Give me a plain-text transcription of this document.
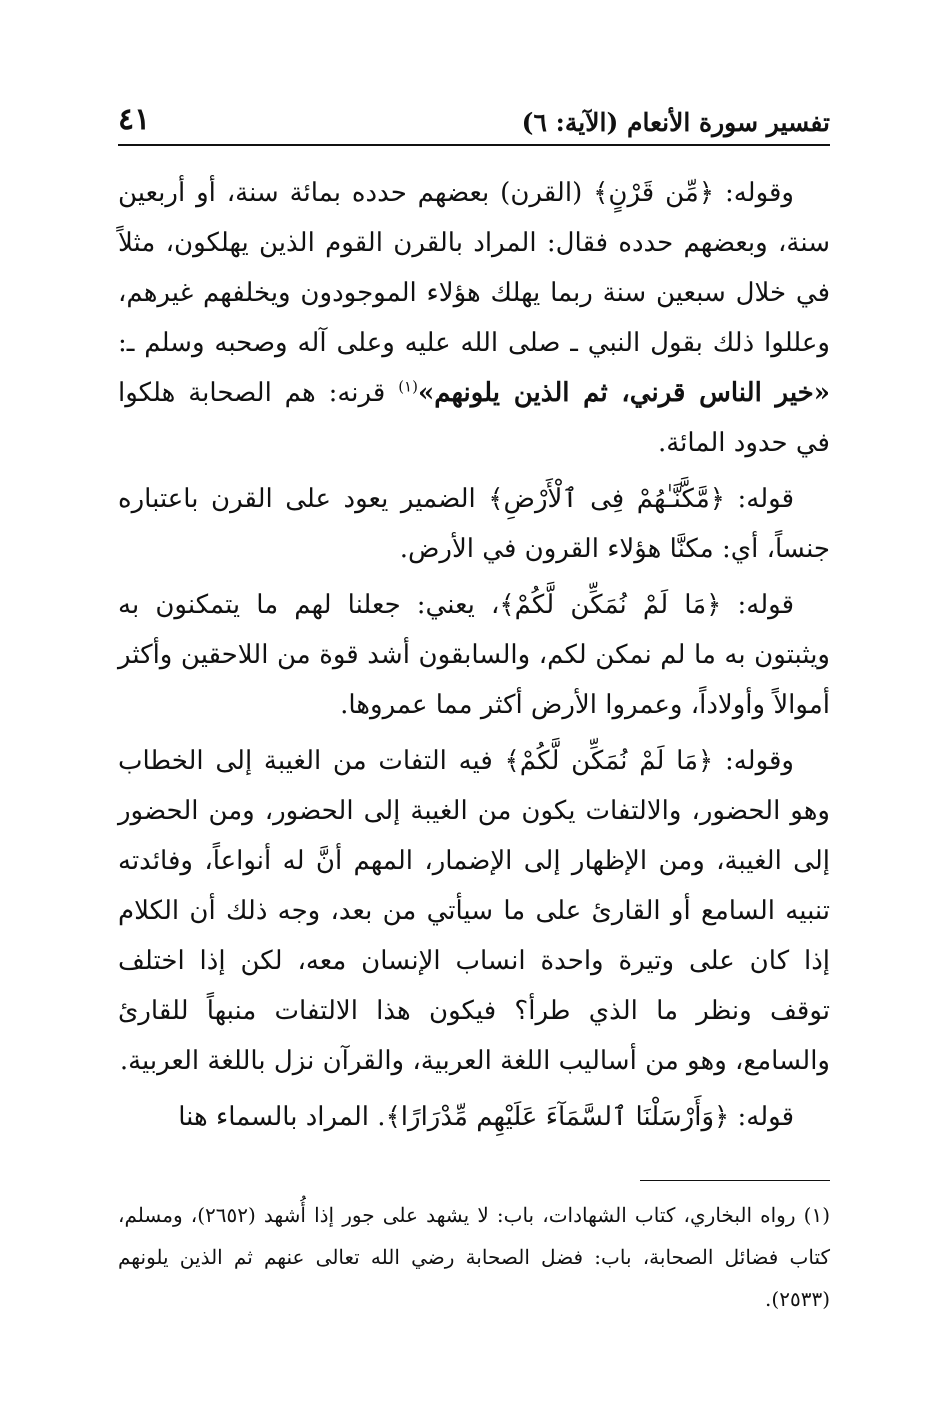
تفسير سورة الأنعام (الآية: ٦)
٤١

وقوله: ﴿مِّن قَرْنٍ﴾ (القرن) بعضهم حدده بمائة سنة، أو أربعين سنة، وبعضهم حدده فقال: المراد بالقرن القوم الذين يهلكون، مثلاً في خلال سبعين سنة ربما يهلك هؤلاء الموجودون ويخلفهم غيرهم، وعللوا ذلك بقول النبي ـ صلى الله عليه وعلى آله وصحبه وسلم ـ: «خير الناس قرني، ثم الذين يلونهم»$^{(١)}$ قرنه: هم الصحابة هلكوا في حدود المائة.

قوله: ﴿مَّكَّنَّـٰهُمْ فِى ٱلْأَرْضِ﴾ الضمير يعود على القرن باعتباره جنساً، أي: مكنَّا هؤلاء القرون في الأرض.

قوله: ﴿مَا لَمْ نُمَكِّن لَّكُمْ﴾، يعني: جعلنا لهم ما يتمكنون به ويثبتون به ما لم نمكن لكم، والسابقون أشد قوة من اللاحقين وأكثر أموالاً وأولاداً، وعمروا الأرض أكثر مما عمروها.

وقوله: ﴿مَا لَمْ نُمَكِّن لَّكُمْ﴾ فيه التفات من الغيبة إلى الخطاب وهو الحضور، والالتفات يكون من الغيبة إلى الحضور، ومن الحضور إلى الغيبة، ومن الإظهار إلى الإضمار، المهم أنَّ له أنواعاً، وفائدته تنبيه السامع أو القارئ على ما سيأتي من بعد، وجه ذلك أن الكلام إذا كان على وتيرة واحدة انساب الإنسان معه، لكن إذا اختلف توقف ونظر ما الذي طرأ؟ فيكون هذا الالتفات منبهاً للقارئ والسامع، وهو من أساليب اللغة العربية، والقرآن نزل باللغة العربية.

قوله: ﴿وَأَرْسَلْنَا ٱلسَّمَآءَ عَلَيْهِم مِّدْرَارًا﴾. المراد بالسماء هنا

(١) رواه البخاري، كتاب الشهادات، باب: لا يشهد على جور إذا أُشهد (٢٦٥٢)، ومسلم، كتاب فضائل الصحابة، باب: فضل الصحابة رضي الله تعالى عنهم ثم الذين يلونهم (٢٥٣٣).
